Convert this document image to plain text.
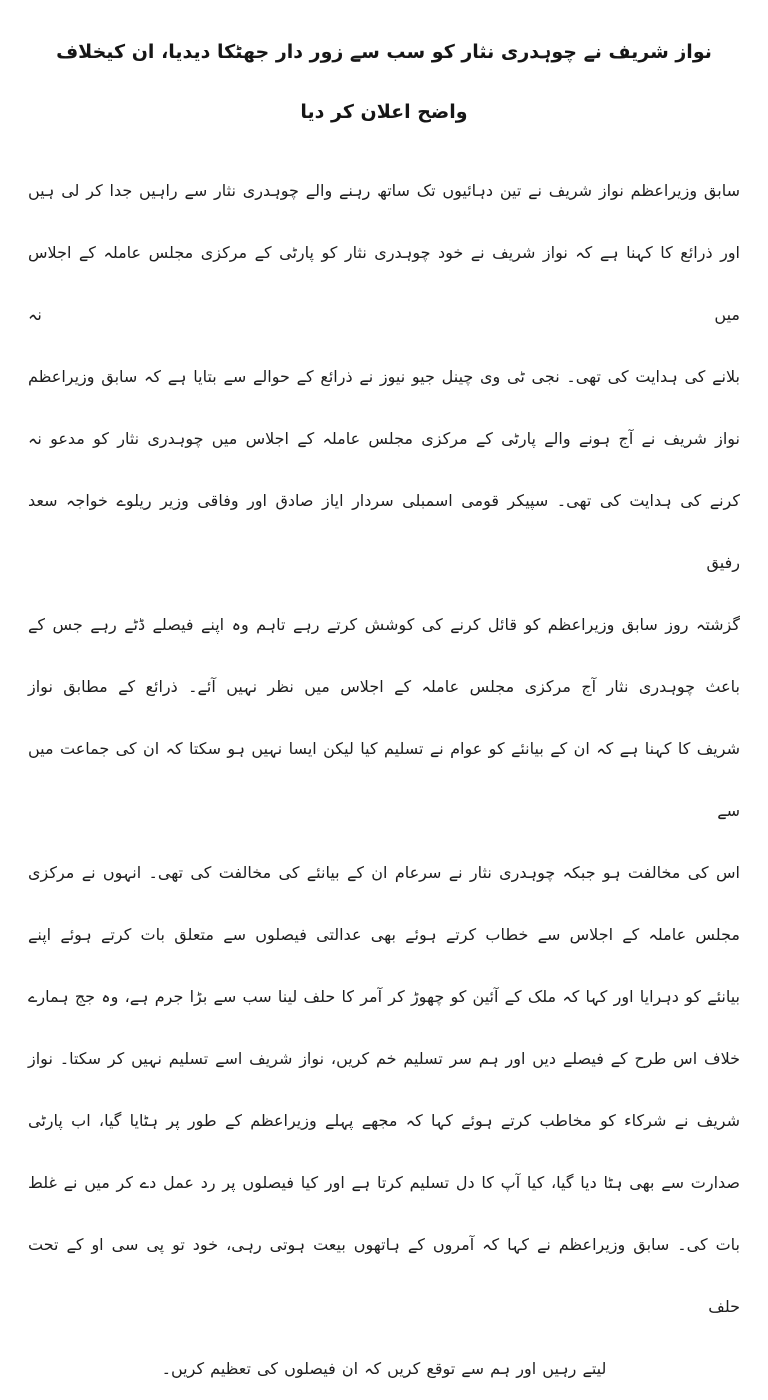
نواز شریف نے چوہدری نثار کو سب سے زور دار جھٹکا دیدیا، ان کیخلاف واضح اعلان کر دیا
سابق وزیراعظم نواز شریف نے تین دہائیوں تک ساتھ رہنے والے چوہدری نثار سے راہیں جدا کر لی ہیں
اور ذرائع کا کہنا ہے کہ نواز شریف نے خود چوہدری نثار کو پارٹی کے مرکزی مجلس عاملہ کے اجلاس میں نہ
بلانے کی ہدایت کی تھی۔ نجی ٹی وی چینل جیو نیوز نے ذرائع کے حوالے سے بتایا ہے کہ سابق وزیراعظم
نواز شریف نے آج ہونے والے پارٹی کے مرکزی مجلس عاملہ کے اجلاس میں چوہدری نثار کو مدعو نہ
کرنے کی ہدایت کی تھی۔ سپیکر قومی اسمبلی سردار ایاز صادق اور وفاقی وزیر ریلوے خواجہ سعد رفیق
گزشتہ روز سابق وزیراعظم کو قائل کرنے کی کوشش کرتے رہے تاہم وہ اپنے فیصلے ڈٹے رہے جس کے
باعث چوہدری نثار آج مرکزی مجلس عاملہ کے اجلاس میں نظر نہیں آئے۔ ذرائع کے مطابق نواز
شریف کا کہنا ہے کہ ان کے بیانئے کو عوام نے تسلیم کیا لیکن ایسا نہیں ہو سکتا کہ ان کی جماعت میں سے
اس کی مخالفت ہو جبکہ چوہدری نثار نے سرعام ان کے بیانئے کی مخالفت کی تھی۔ انہوں نے مرکزی
مجلس عاملہ کے اجلاس سے خطاب کرتے ہوئے بھی عدالتی فیصلوں سے متعلق بات کرتے ہوئے اپنے
بیانئے کو دہرایا اور کہا کہ ملک کے آئین کو چھوڑ کر آمر کا حلف لینا سب سے بڑا جرم ہے، وہ جج ہمارے
خلاف اس طرح کے فیصلے دیں اور ہم سر تسلیم خم کریں، نواز شریف اسے تسلیم نہیں کر سکتا۔ نواز
شریف نے شرکاء کو مخاطب کرتے ہوئے کہا کہ مجھے پہلے وزیراعظم کے طور پر ہٹایا گیا، اب پارٹی
صدارت سے بھی ہٹا دیا گیا، کیا آپ کا دل تسلیم کرتا ہے اور کیا فیصلوں پر رد عمل دے کر میں نے غلط
بات کی۔ سابق وزیراعظم نے کہا کہ آمروں کے ہاتھوں بیعت ہوتی رہی، خود تو پی سی او کے تحت حلف
لیتے رہیں اور ہم سے توقع کریں کہ ان فیصلوں کی تعظیم کریں۔
